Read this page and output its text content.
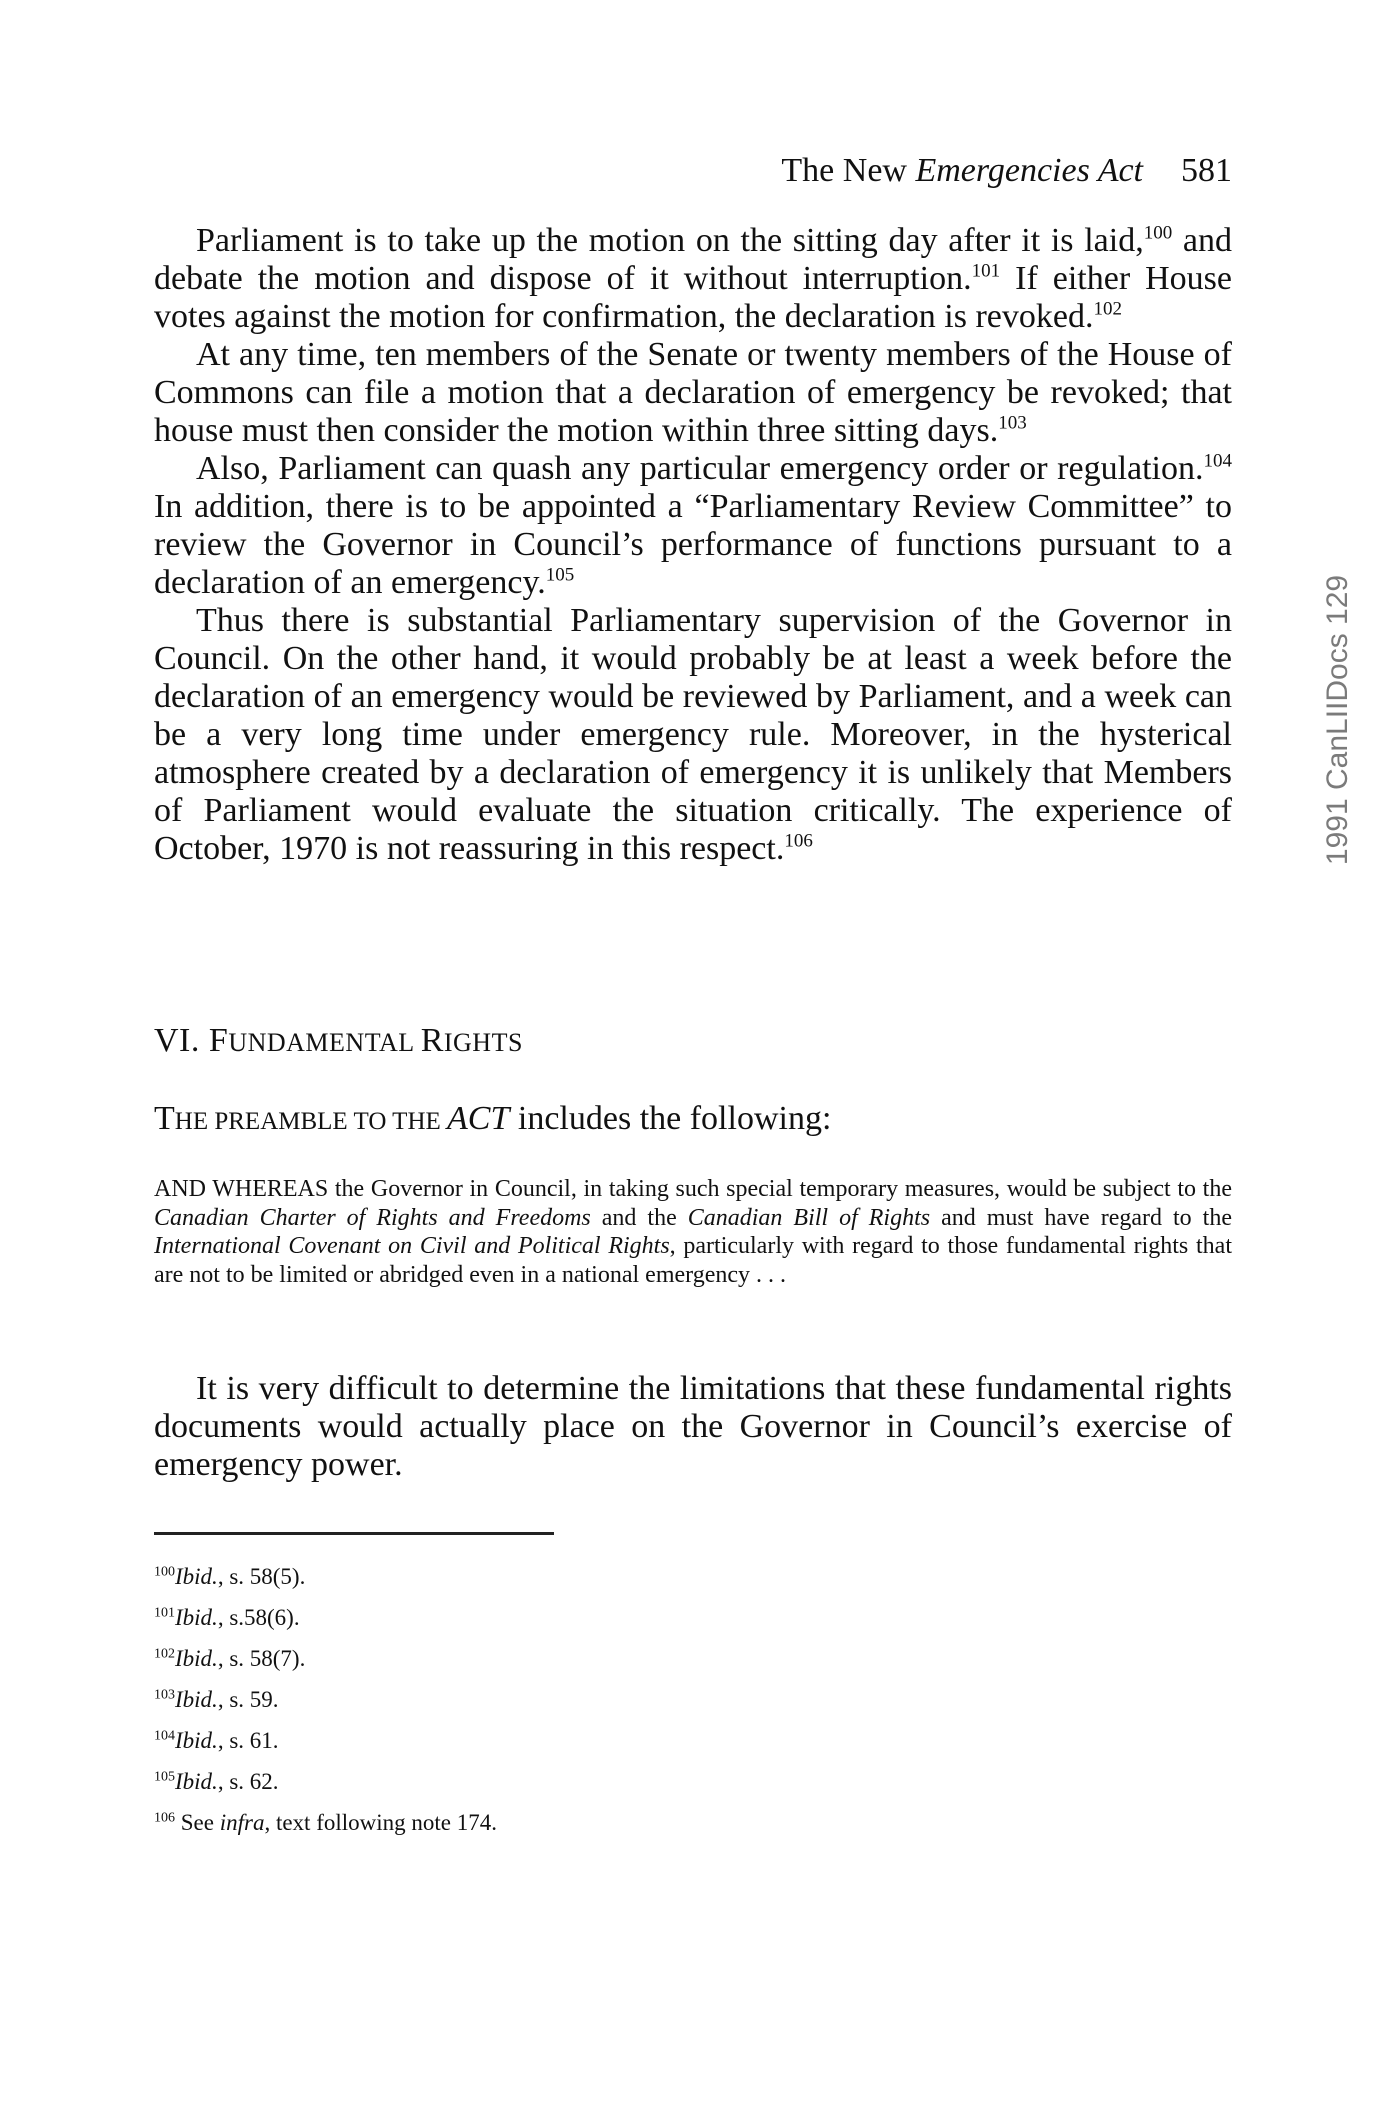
The New Emergencies Act 581

Parliament is to take up the motion on the sitting day after it is laid,$^{100}$ and debate the motion and dispose of it without interruption.$^{101}$ If either House votes against the motion for confirmation, the declaration is revoked.$^{102}$

At any time, ten members of the Senate or twenty members of the House of Commons can file a motion that a declaration of emergency be revoked; that house must then consider the motion within three sitting days.$^{103}$

Also, Parliament can quash any particular emergency order or regulation.$^{104}$ In addition, there is to be appointed a “Parliamentary Review Committee” to review the Governor in Council’s performance of functions pursuant to a declaration of an emergency.$^{105}$

Thus there is substantial Parliamentary supervision of the Governor in Council. On the other hand, it would probably be at least a week before the declaration of an emergency would be reviewed by Parliament, and a week can be a very long time under emergency rule. Moreover, in the hysterical atmosphere created by a declaration of emergency it is unlikely that Members of Parliament would evaluate the situation critically. The experience of October, 1970 is not reassuring in this respect.$^{106}$

VI. FUNDAMENTAL RIGHTS
THE PREAMBLE TO THE ACT includes the following:
AND WHEREAS the Governor in Council, in taking such special temporary measures, would be subject to the Canadian Charter of Rights and Freedoms and the Canadian Bill of Rights and must have regard to the International Covenant on Civil and Political Rights, particularly with regard to those fundamental rights that are not to be limited or abridged even in a national emergency . . .

It is very difficult to determine the limitations that these fundamental rights documents would actually place on the Governor in Council’s exercise of emergency power.

$^{100}$Ibid., s. 58(5).
$^{101}$Ibid., s.58(6).
$^{102}$Ibid., s. 58(7).
$^{103}$Ibid., s. 59.
$^{104}$Ibid., s. 61.
$^{105}$Ibid., s. 62.
$^{106}$ See infra, text following note 174.
1991 CanLIIDocs 129
